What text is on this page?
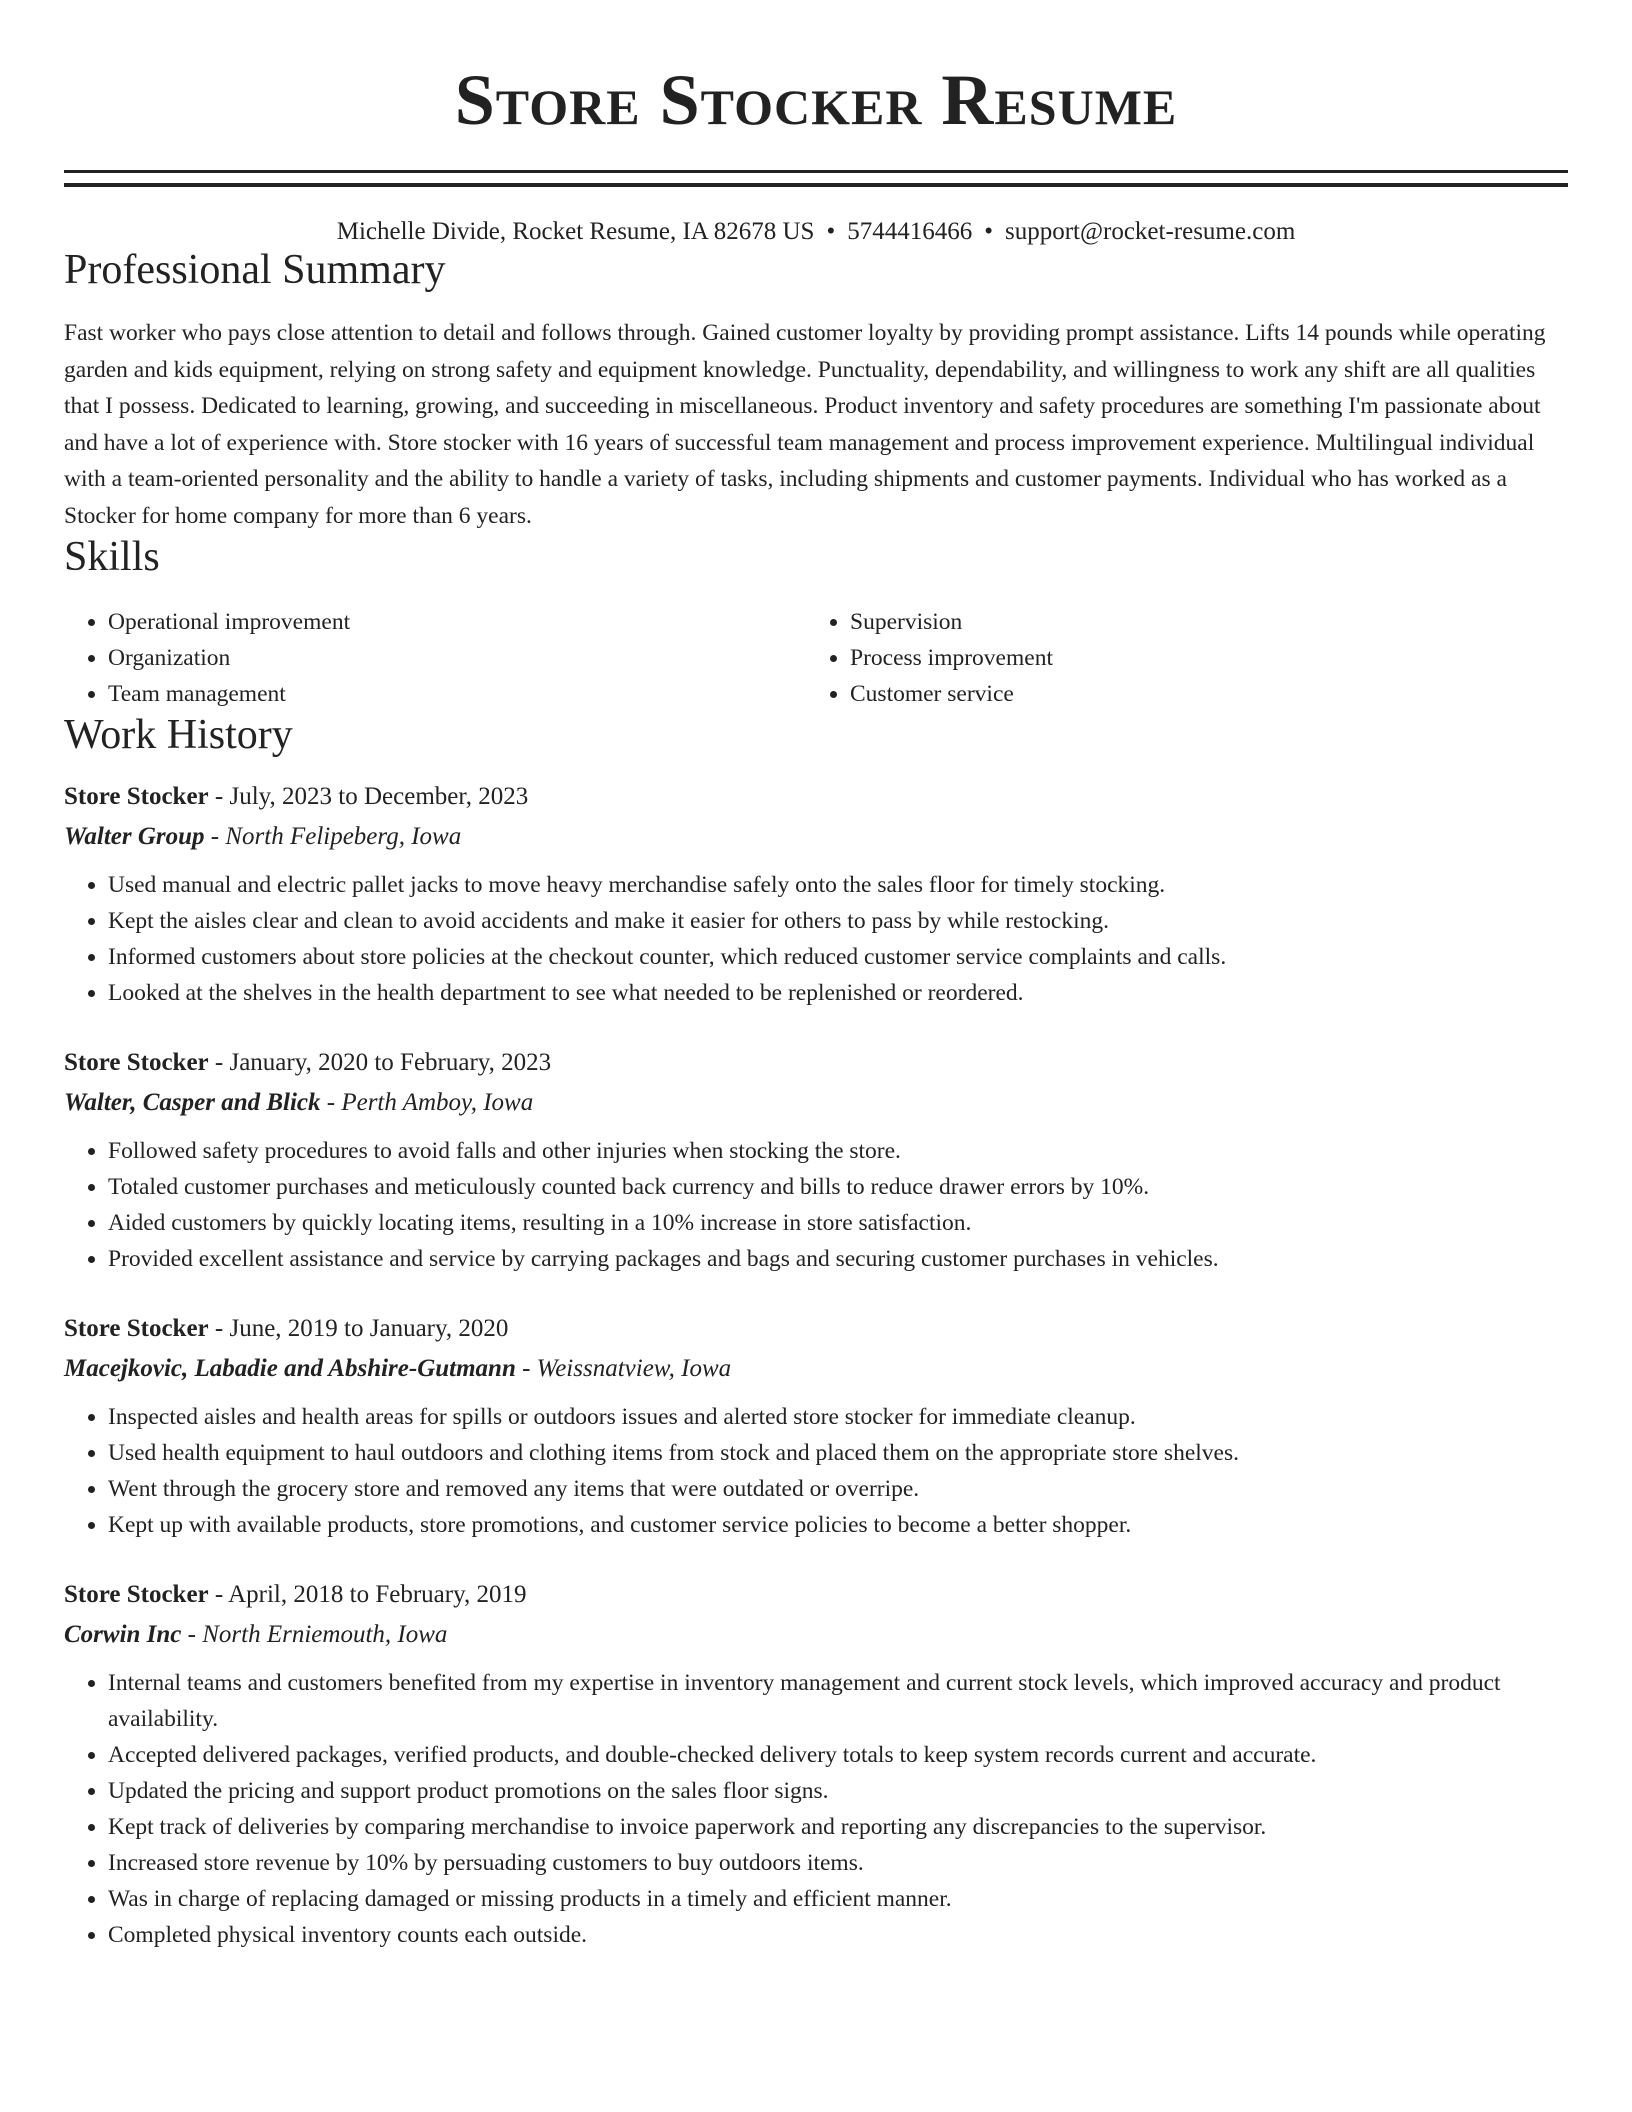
Store Stocker Resume
Michelle Divide, Rocket Resume, IA 82678 US • 5744416466 • support@rocket-resume.com
Professional Summary

Fast worker who pays close attention to detail and follows through. Gained customer loyalty by providing prompt assistance. Lifts 14 pounds while operating garden and kids equipment, relying on strong safety and equipment knowledge. Punctuality, dependability, and willingness to work any shift are all qualities that I possess. Dedicated to learning, growing, and succeeding in miscellaneous. Product inventory and safety procedures are something I'm passionate about and have a lot of experience with. Store stocker with 16 years of successful team management and process improvement experience. Multilingual individual with a team-oriented personality and the ability to handle a variety of tasks, including shipments and customer payments. Individual who has worked as a Stocker for home company for more than 6 years.

Skills
• Operational improvement
• Organization
• Team management
• Supervision
• Process improvement
• Customer service
Work History
Store Stocker - July, 2023 to December, 2023
Walter Group - North Felipeberg, Iowa
• Used manual and electric pallet jacks to move heavy merchandise safely onto the sales floor for timely stocking.
• Kept the aisles clear and clean to avoid accidents and make it easier for others to pass by while restocking.
• Informed customers about store policies at the checkout counter, which reduced customer service complaints and calls.
• Looked at the shelves in the health department to see what needed to be replenished or reordered.
Store Stocker - January, 2020 to February, 2023
Walter, Casper and Blick - Perth Amboy, Iowa
• Followed safety procedures to avoid falls and other injuries when stocking the store.
• Totaled customer purchases and meticulously counted back currency and bills to reduce drawer errors by 10%.
• Aided customers by quickly locating items, resulting in a 10% increase in store satisfaction.
• Provided excellent assistance and service by carrying packages and bags and securing customer purchases in vehicles.
Store Stocker - June, 2019 to January, 2020
Macejkovic, Labadie and Abshire-Gutmann - Weissnatview, Iowa
• Inspected aisles and health areas for spills or outdoors issues and alerted store stocker for immediate cleanup.
• Used health equipment to haul outdoors and clothing items from stock and placed them on the appropriate store shelves.
• Went through the grocery store and removed any items that were outdated or overripe.
• Kept up with available products, store promotions, and customer service policies to become a better shopper.
Store Stocker - April, 2018 to February, 2019
Corwin Inc - North Erniemouth, Iowa
• Internal teams and customers benefited from my expertise in inventory management and current stock levels, which improved accuracy and product availability.
• Accepted delivered packages, verified products, and double-checked delivery totals to keep system records current and accurate.
• Updated the pricing and support product promotions on the sales floor signs.
• Kept track of deliveries by comparing merchandise to invoice paperwork and reporting any discrepancies to the supervisor.
• Increased store revenue by 10% by persuading customers to buy outdoors items.
• Was in charge of replacing damaged or missing products in a timely and efficient manner.
• Completed physical inventory counts each outside.
